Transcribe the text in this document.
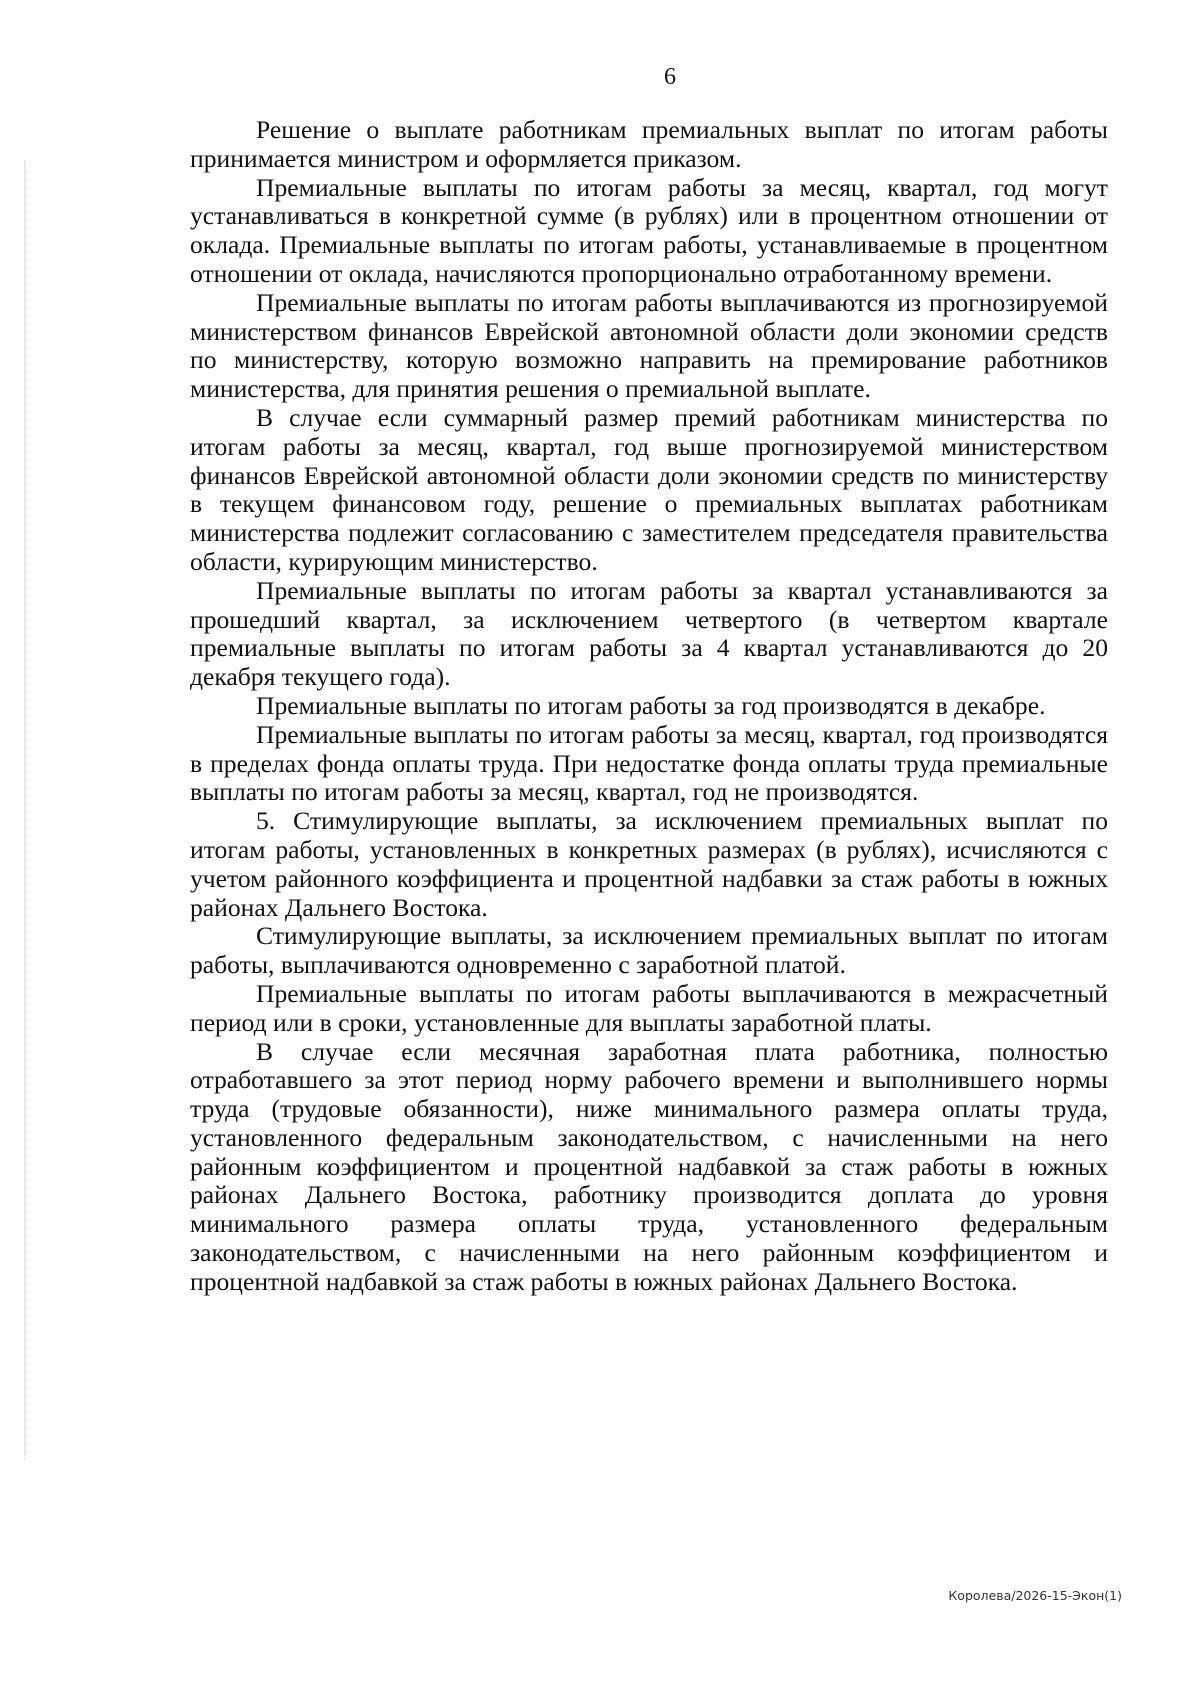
6

Решение о выплате работникам премиальных выплат по итогам работы принимается министром и оформляется приказом.

Премиальные выплаты по итогам работы за месяц, квартал, год могут устанавливаться в конкретной сумме (в рублях) или в процентном отношении от оклада. Премиальные выплаты по итогам работы, устанавливаемые в процентном отношении от оклада, начисляются пропорционально отработанному времени.

Премиальные выплаты по итогам работы выплачиваются из прогнозируемой министерством финансов Еврейской автономной области доли экономии средств по министерству, которую возможно направить на премирование работников министерства, для принятия решения о премиальной выплате.

В случае если суммарный размер премий работникам министерства по итогам работы за месяц, квартал, год выше прогнозируемой министерством финансов Еврейской автономной области доли экономии средств по министерству в текущем финансовом году, решение о премиальных выплатах работникам министерства подлежит согласованию с заместителем председателя правительства области, курирующим министерство.

Премиальные выплаты по итогам работы за квартал устанавливаются за прошедший квартал, за исключением четвертого (в четвертом квартале премиальные выплаты по итогам работы за 4 квартал устанавливаются до 20 декабря текущего года).

Премиальные выплаты по итогам работы за год производятся в декабре.

Премиальные выплаты по итогам работы за месяц, квартал, год производятся в пределах фонда оплаты труда. При недостатке фонда оплаты труда премиальные выплаты по итогам работы за месяц, квартал, год не производятся.

5. Стимулирующие выплаты, за исключением премиальных выплат по итогам работы, установленных в конкретных размерах (в рублях), исчисляются с учетом районного коэффициента и процентной надбавки за стаж работы в южных районах Дальнего Востока.

Стимулирующие выплаты, за исключением премиальных выплат по итогам работы, выплачиваются одновременно с заработной платой.

Премиальные выплаты по итогам работы выплачиваются в межрасчетный период или в сроки, установленные для выплаты заработной платы.

В случае если месячная заработная плата работника, полностью отработавшего за этот период норму рабочего времени и выполнившего нормы труда (трудовые обязанности), ниже минимального размера оплаты труда, установленного федеральным законодательством, с начисленными на него районным коэффициентом и процентной надбавкой за стаж работы в южных районах Дальнего Востока, работнику производится доплата до уровня минимального размера оплаты труда, установленного федеральным законодательством, с начисленными на него районным коэффициентом и процентной надбавкой за стаж работы в южных районах Дальнего Востока.

Королева/2026-15-Экон(1)
